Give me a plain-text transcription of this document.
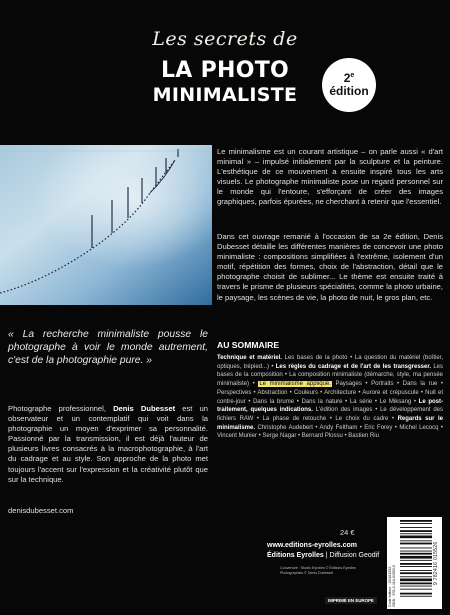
Les secrets de
LA PHOTO
MINIMALISTE
2e
édition

Le minimalisme est un courant artistique – on parle aussi « d'art minimal » – impulsé initialement par la sculpture et la peinture. L'esthétique de ce mouvement a ensuite inspiré tous les arts visuels. Le photographe minimaliste pose un regard personnel sur le monde qui l'entoure, s'efforçant de créer des images graphiques, parfois épurées, ne cherchant à retenir que l'essentiel.

Dans cet ouvrage remanié à l'occasion de sa 2e édition, Denis Dubesset détaille les différentes manières de concevoir une photo minimaliste : compositions simplifiées à l'extrême, isolement d'un motif, répétition des formes, choix de l'abstraction, détail que le photographe choisit de sublimer... Le thème est ensuite traité à travers le prisme de plusieurs spécialités, comme la photo urbaine, le paysage, les scènes de vie, la photo de nuit, le gros plan, etc.

AU SOMMAIRE

Technique et matériel. Les bases de la photo • La question du matériel (boîtier, optiques, trépied...) • Les règles du cadrage et de l'art de les transgresser. Les bases de la composition • La composition minimaliste (démarche, style, ma pensée minimaliste) • Le minimalisme appliqué. Paysages • Portraits • Dans la rue • Perspectives • Abstraction • Couleurs • Architecture • Aurore et crépuscule • Nuit et contre-jour • Dans la brume • Dans la nature • La série • Le Miksang • Le post-traitement, quelques indications. L'édition des images • Le développement des fichiers RAW • La phase de retouche • Le choix du cadre • Regards sur le minimalisme. Christophe Audebert • Andy Feltham • Eric Forey • Michel Lecocq • Vincent Munier • Serge Nagar • Bernard Plossu • Bastien Riu

« La recherche minimaliste pousse le photographe à voir le monde autrement, c'est de la photographie pure. »

Photographe professionnel, Denis Dubesset est un observateur et un contemplatif qui voit dans la photographie un moyen d'exprimer sa personnalité. Passionné par la transmission, il est déjà l'auteur de plusieurs livres consacrés à la macrophotographie, à l'art du cadrage et au style. Son approche de la photo met toujours l'accent sur l'expression et la créativité plutôt que sur la technique.

denisdubesset.com
24 €
www.editions-eyrolles.com
Éditions Eyrolles | Diffusion Geodif
Couverture : Studio Eyrolles © Éditions Eyrolles Photographies © Denis Dubesset
IMPRIMÉ EN EUROPE	Code éditeur : G0181552
ISBN : 978-2-416-01552-6
9 782416 015526
